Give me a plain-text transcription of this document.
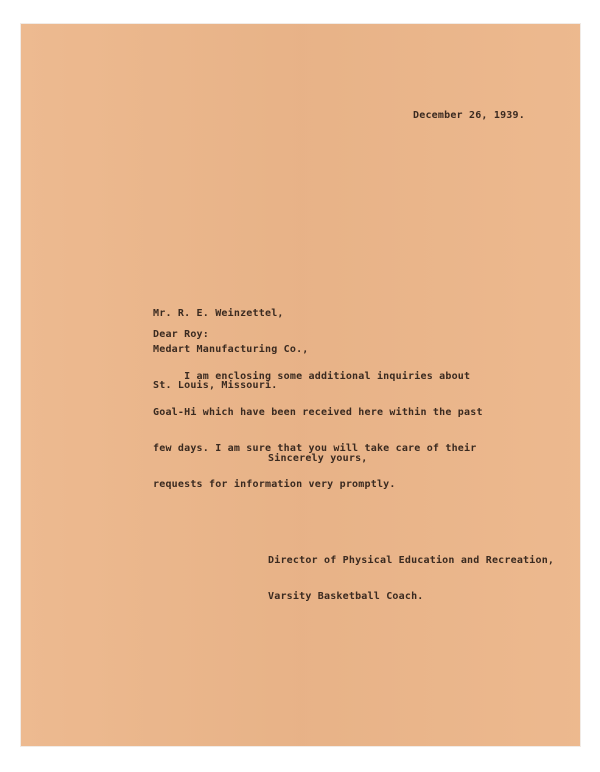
December 26, 1939.

Mr. R. E. Weinzettel,

Medart Manufacturing Co.,

St. Louis, Missouri.

Dear Roy:

I am enclosing some additional inquiries about

Goal-Hi which have been received here within the past

few days. I am sure that you will take care of their

requests for information very promptly.

Sincerely yours,

Director of Physical Education and Recreation,

Varsity Basketball Coach.
